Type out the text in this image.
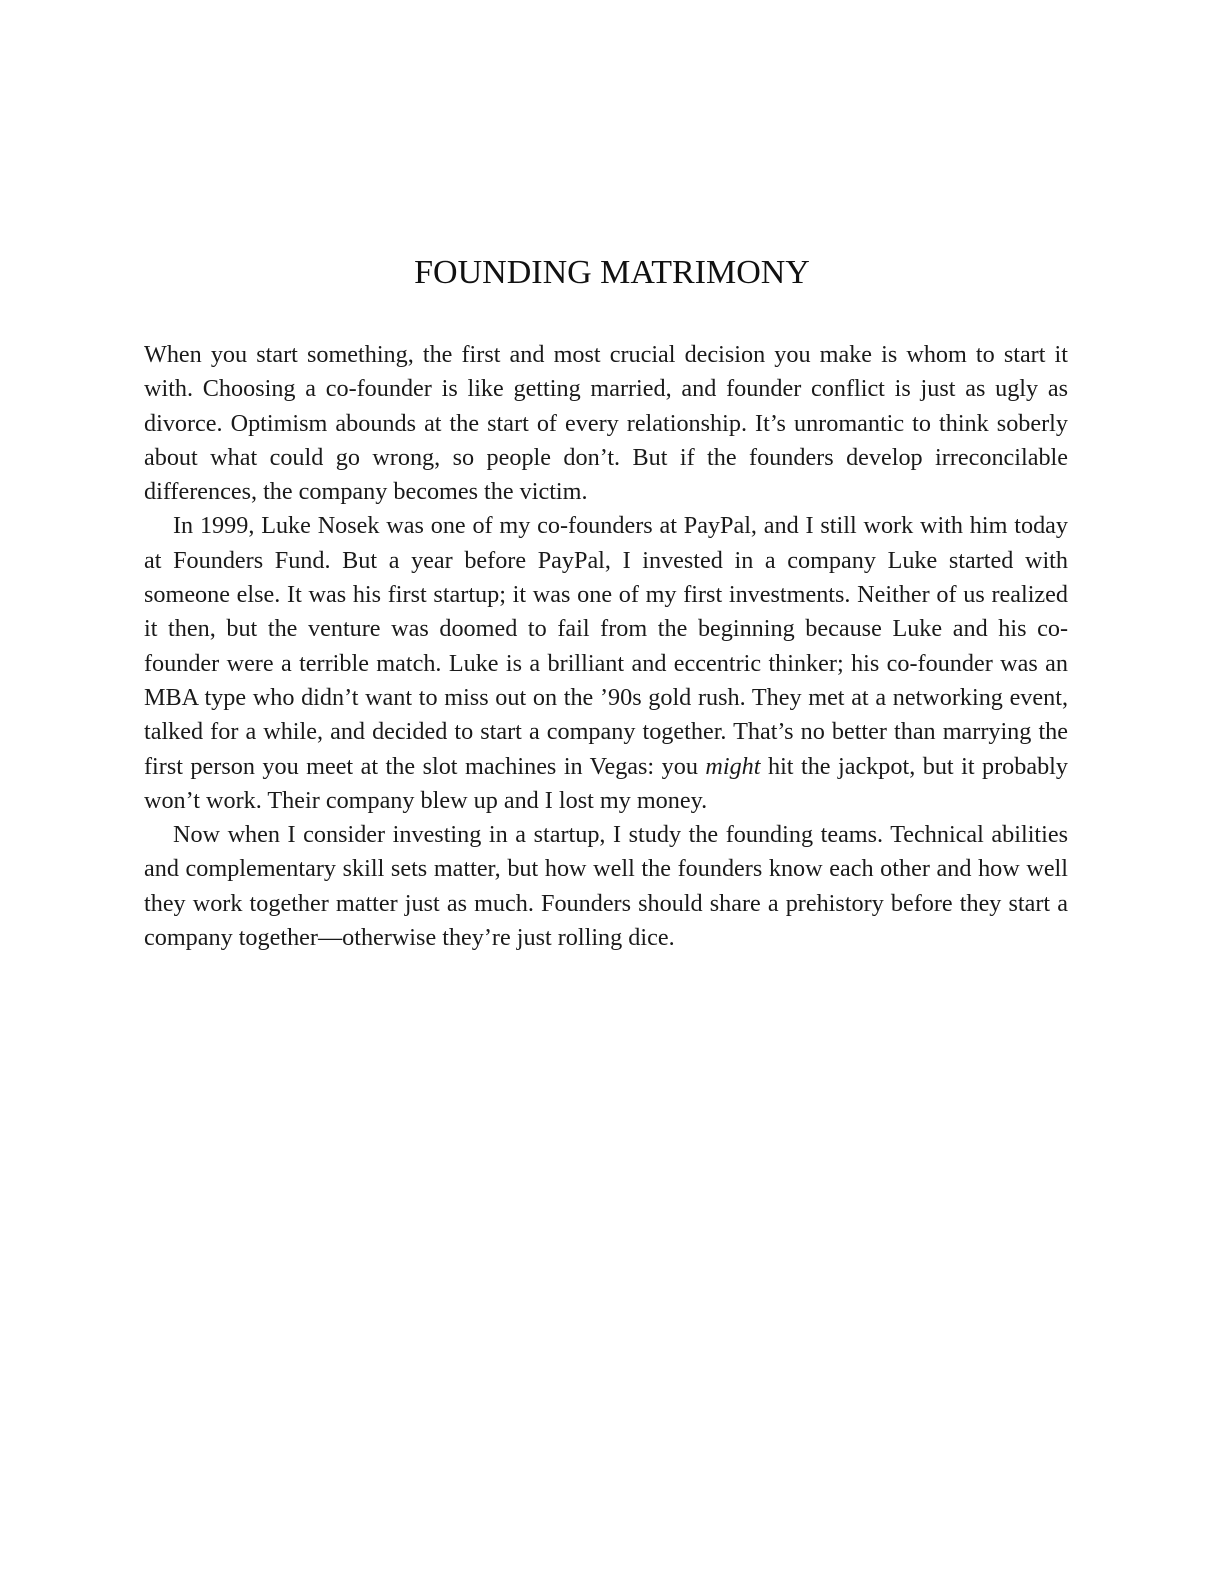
FOUNDING MATRIMONY

When you start something, the first and most crucial decision you make is whom to start it with. Choosing a co-founder is like getting married, and founder conflict is just as ugly as divorce. Optimism abounds at the start of every relationship. It’s unromantic to think soberly about what could go wrong, so people don’t. But if the founders develop irreconcilable differences, the company becomes the victim.

In 1999, Luke Nosek was one of my co-founders at PayPal, and I still work with him today at Founders Fund. But a year before PayPal, I invested in a company Luke started with someone else. It was his first startup; it was one of my first investments. Neither of us realized it then, but the venture was doomed to fail from the beginning because Luke and his co-founder were a terrible match. Luke is a brilliant and eccentric thinker; his co-founder was an MBA type who didn’t want to miss out on the ’90s gold rush. They met at a networking event, talked for a while, and decided to start a company together. That’s no better than marrying the first person you meet at the slot machines in Vegas: you might hit the jackpot, but it probably won’t work. Their company blew up and I lost my money.

Now when I consider investing in a startup, I study the founding teams. Technical abilities and complementary skill sets matter, but how well the founders know each other and how well they work together matter just as much. Founders should share a prehistory before they start a company together—otherwise they’re just rolling dice.
